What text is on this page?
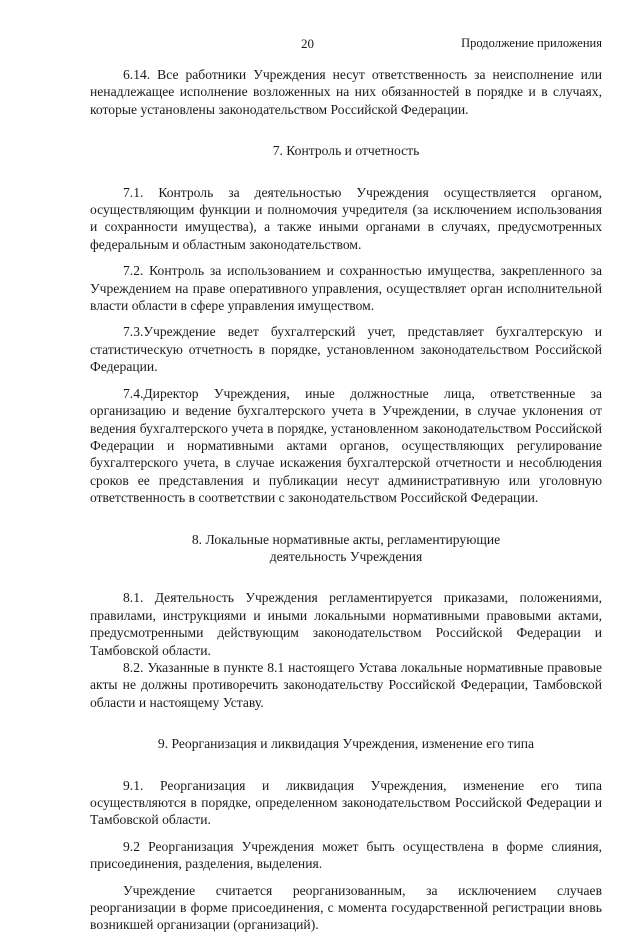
20	Продолжение приложения

6.14. Все работники Учреждения несут ответственность за неисполнение или ненадлежащее исполнение возложенных на них обязанностей в порядке и в случаях, которые установлены законодательством Российской Федерации.

7. Контроль и отчетность

7.1. Контроль за деятельностью Учреждения осуществляется органом, осуществляющим функции и полномочия учредителя (за исключением использования и сохранности имущества), а также иными органами в случаях, предусмотренных федеральным и областным законодательством.

7.2. Контроль за использованием и сохранностью имущества, закрепленного за Учреждением на праве оперативного управления, осуществляет орган исполнительной власти области в сфере управления имуществом.

7.3.Учреждение ведет бухгалтерский учет, представляет бухгалтерскую и статистическую отчетность в порядке, установленном законодательством Российской Федерации.

7.4.Директор Учреждения, иные должностные лица, ответственные за организацию и ведение бухгалтерского учета в Учреждении, в случае уклонения от ведения бухгалтерского учета в порядке, установленном законодательством Российской Федерации и нормативными актами органов, осуществляющих регулирование бухгалтерского учета, в случае искажения бухгалтерской отчетности и несоблюдения сроков ее представления и публикации несут административную или уголовную ответственность в соответствии с законодательством Российской Федерации.

8. Локальные нормативные акты, регламентирующие
деятельность Учреждения

8.1. Деятельность Учреждения регламентируется приказами, положениями, правилами, инструкциями и иными локальными нормативными правовыми актами, предусмотренными действующим законодательством Российской Федерации и Тамбовской области.

8.2. Указанные в пункте 8.1 настоящего Устава локальные нормативные правовые акты не должны противоречить законодательству Российской Федерации, Тамбовской области и настоящему Уставу.

9. Реорганизация и ликвидация Учреждения, изменение его типа

9.1. Реорганизация и ликвидация Учреждения, изменение его типа осуществляются в порядке, определенном законодательством Российской Федерации и Тамбовской области.

9.2 Реорганизация Учреждения может быть осуществлена в форме слияния, присоединения, разделения, выделения.

Учреждение считается реорганизованным, за исключением случаев реорганизации в форме присоединения, с момента государственной регистрации вновь возникшей организации (организаций).
